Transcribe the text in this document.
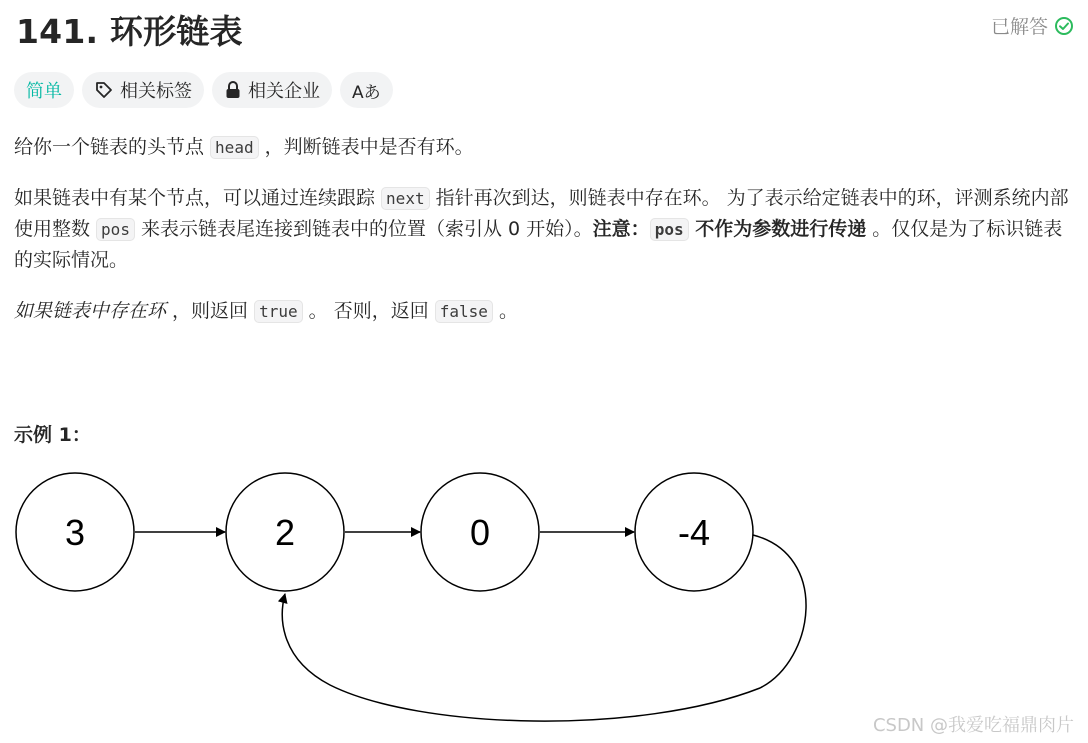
141. 环形链表	已解答
简单	相关标签	相关企业 Aあ

给你一个链表的头节点 head ，判断链表中是否有环。

如果链表中有某个节点，可以通过连续跟踪 next 指针再次到达，则链表中存在环。 为了表示给定链表中的环，评测系统内部使用整数 pos 来表示链表尾连接到链表中的位置（索引从 0 开始）。注意： pos 不作为参数进行传递 。仅仅是为了标识链表的实际情况。

如果链表中存在环 ，则返回 true 。 否则，返回 false 。

示例 1：
3	2	0	-4
CSDN @我爱吃福鼎肉片
